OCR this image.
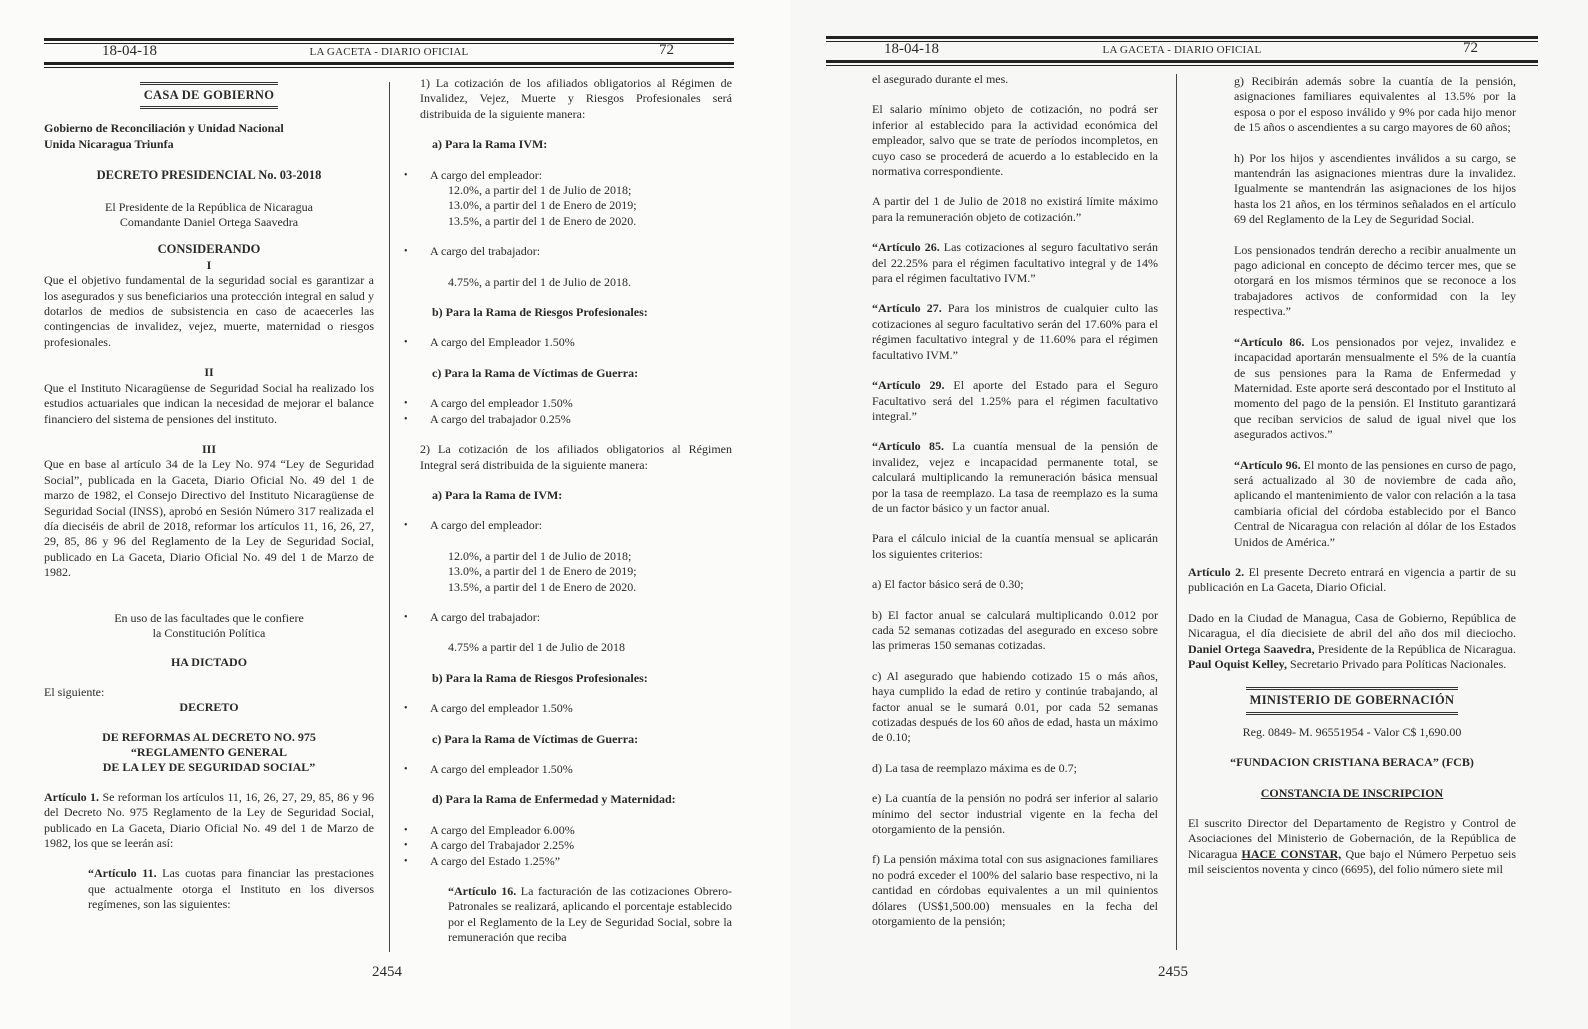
18-04-18	LA GACETA - DIARIO OFICIAL	72

CASA DE GOBIERNO

Gobierno de Reconciliación y Unidad Nacional
Unida Nicaragua Triunfa

DECRETO PRESIDENCIAL No. 03-2018

El Presidente de la República de Nicaragua
Comandante Daniel Ortega Saavedra

CONSIDERANDO

I

Que el objetivo fundamental de la seguridad social es garantizar a los asegurados y sus beneficiarios una protección integral en salud y dotarlos de medios de subsistencia en caso de acaecerles las contingencias de invalidez, vejez, muerte, maternidad o riesgos profesionales.

II

Que el Instituto Nicaragüense de Seguridad Social ha realizado los estudios actuariales que indican la necesidad de mejorar el balance financiero del sistema de pensiones del instituto.

III

Que en base al artículo 34 de la Ley No. 974 “Ley de Seguridad Social”, publicada en la Gaceta, Diario Oficial No. 49 del 1 de marzo de 1982, el Consejo Directivo del Instituto Nicaragüense de Seguridad Social (INSS), aprobó en Sesión Número 317 realizada el día dieciséis de abril de 2018, reformar los artículos 11, 16, 26, 27, 29, 85, 86 y 96 del Reglamento de la Ley de Seguridad Social, publicado en La Gaceta, Diario Oficial No. 49 del 1 de Marzo de 1982.

En uso de las facultades que le confiere
la Constitución Política

HA DICTADO

El siguiente:

DECRETO

DE REFORMAS AL DECRETO NO. 975
“REGLAMENTO GENERAL
DE LA LEY DE SEGURIDAD SOCIAL”

Artículo 1. Se reforman los artículos 11, 16, 26, 27, 29, 85, 86 y 96 del Decreto No. 975 Reglamento de la Ley de Seguridad Social, publicado en La Gaceta, Diario Oficial No. 49 del 1 de Marzo de 1982, los que se leerán así:

“Artículo 11. Las cuotas para financiar las prestaciones que actualmente otorga el Instituto en los diversos regímenes, son las siguientes:

1) La cotización de los afiliados obligatorios al Régimen de Invalidez, Vejez, Muerte y Riesgos Profesionales será distribuida de la siguiente manera:

a) Para la Rama IVM:

• A cargo del empleador:

12.0%, a partir del 1 de Julio de 2018;
13.0%, a partir del 1 de Enero de 2019;
13.5%, a partir del 1 de Enero de 2020.

• A cargo del trabajador:

4.75%, a partir del 1 de Julio de 2018.

b) Para la Rama de Riesgos Profesionales:

• A cargo del Empleador 1.50%

c) Para la Rama de Víctimas de Guerra:

• A cargo del empleador 1.50%

• A cargo del trabajador 0.25%

2) La cotización de los afiliados obligatorios al Régimen Integral será distribuida de la siguiente manera:

a) Para la Rama de IVM:

• A cargo del empleador:

12.0%, a partir del 1 de Julio de 2018;
13.0%, a partir del 1 de Enero de 2019;
13.5%, a partir del 1 de Enero de 2020.

• A cargo del trabajador:

4.75% a partir del 1 de Julio de 2018

b) Para la Rama de Riesgos Profesionales:

• A cargo del empleador 1.50%

c) Para la Rama de Víctimas de Guerra:

• A cargo del empleador 1.50%

d) Para la Rama de Enfermedad y Maternidad:

• A cargo del Empleador 6.00%

• A cargo del Trabajador 2.25%

• A cargo del Estado 1.25%”

“Artículo 16. La facturación de las cotizaciones Obrero-Patronales se realizará, aplicando el porcentaje establecido por el Reglamento de la Ley de Seguridad Social, sobre la remuneración que reciba

2454
18-04-18	LA GACETA - DIARIO OFICIAL	72

el asegurado durante el mes.

El salario mínimo objeto de cotización, no podrá ser inferior al establecido para la actividad económica del empleador, salvo que se trate de períodos incompletos, en cuyo caso se procederá de acuerdo a lo establecido en la normativa correspondiente.

A partir del 1 de Julio de 2018 no existirá límite máximo para la remuneración objeto de cotización.”

“Artículo 26. Las cotizaciones al seguro facultativo serán del 22.25% para el régimen facultativo integral y de 14% para el régimen facultativo IVM.”

“Artículo 27. Para los ministros de cualquier culto las cotizaciones al seguro facultativo serán del 17.60% para el régimen facultativo integral y de 11.60% para el régimen facultativo IVM.”

“Artículo 29. El aporte del Estado para el Seguro Facultativo será del 1.25% para el régimen facultativo integral.”

“Artículo 85. La cuantía mensual de la pensión de invalidez, vejez e incapacidad permanente total, se calculará multiplicando la remuneración básica mensual por la tasa de reemplazo. La tasa de reemplazo es la suma de un factor básico y un factor anual.

Para el cálculo inicial de la cuantía mensual se aplicarán los siguientes criterios:

a) El factor básico será de 0.30;

b) El factor anual se calculará multiplicando 0.012 por cada 52 semanas cotizadas del asegurado en exceso sobre las primeras 150 semanas cotizadas.

c) Al asegurado que habiendo cotizado 15 o más años, haya cumplido la edad de retiro y continúe trabajando, al factor anual se le sumará 0.01, por cada 52 semanas cotizadas después de los 60 años de edad, hasta un máximo de 0.10;

d) La tasa de reemplazo máxima es de 0.7;

e) La cuantía de la pensión no podrá ser inferior al salario mínimo del sector industrial vigente en la fecha del otorgamiento de la pensión.

f) La pensión máxima total con sus asignaciones familiares no podrá exceder el 100% del salario base respectivo, ni la cantidad en córdobas equivalentes a un mil quinientos dólares (US$1,500.00) mensuales en la fecha del otorgamiento de la pensión;

g) Recibirán además sobre la cuantía de la pensión, asignaciones familiares equivalentes al 13.5% por la esposa o por el esposo inválido y 9% por cada hijo menor de 15 años o ascendientes a su cargo mayores de 60 años;

h) Por los hijos y ascendientes inválidos a su cargo, se mantendrán las asignaciones mientras dure la invalidez. Igualmente se mantendrán las asignaciones de los hijos hasta los 21 años, en los términos señalados en el artículo 69 del Reglamento de la Ley de Seguridad Social.

Los pensionados tendrán derecho a recibir anualmente un pago adicional en concepto de décimo tercer mes, que se otorgará en los mismos términos que se reconoce a los trabajadores activos de conformidad con la ley respectiva.”

“Artículo 86. Los pensionados por vejez, invalidez e incapacidad aportarán mensualmente el 5% de la cuantía de sus pensiones para la Rama de Enfermedad y Maternidad. Este aporte será descontado por el Instituto al momento del pago de la pensión. El Instituto garantizará que reciban servicios de salud de igual nivel que los asegurados activos.”

“Artículo 96. El monto de las pensiones en curso de pago, será actualizado al 30 de noviembre de cada año, aplicando el mantenimiento de valor con relación a la tasa cambiaria oficial del córdoba establecido por el Banco Central de Nicaragua con relación al dólar de los Estados Unidos de América.”

Artículo 2. El presente Decreto entrará en vigencia a partir de su publicación en La Gaceta, Diario Oficial.

Dado en la Ciudad de Managua, Casa de Gobierno, República de Nicaragua, el día diecisiete de abril del año dos mil dieciocho. Daniel Ortega Saavedra, Presidente de la República de Nicaragua. Paul Oquist Kelley, Secretario Privado para Políticas Nacionales.

MINISTERIO DE GOBERNACIÓN

Reg. 0849- M. 96551954 - Valor C$ 1,690.00

“FUNDACION CRISTIANA BERACA” (FCB)

CONSTANCIA DE INSCRIPCION

El suscrito Director del Departamento de Registro y Control de Asociaciones del Ministerio de Gobernación, de la República de Nicaragua HACE CONSTAR, Que bajo el Número Perpetuo seis mil seiscientos noventa y cinco (6695), del folio número siete mil

2455
